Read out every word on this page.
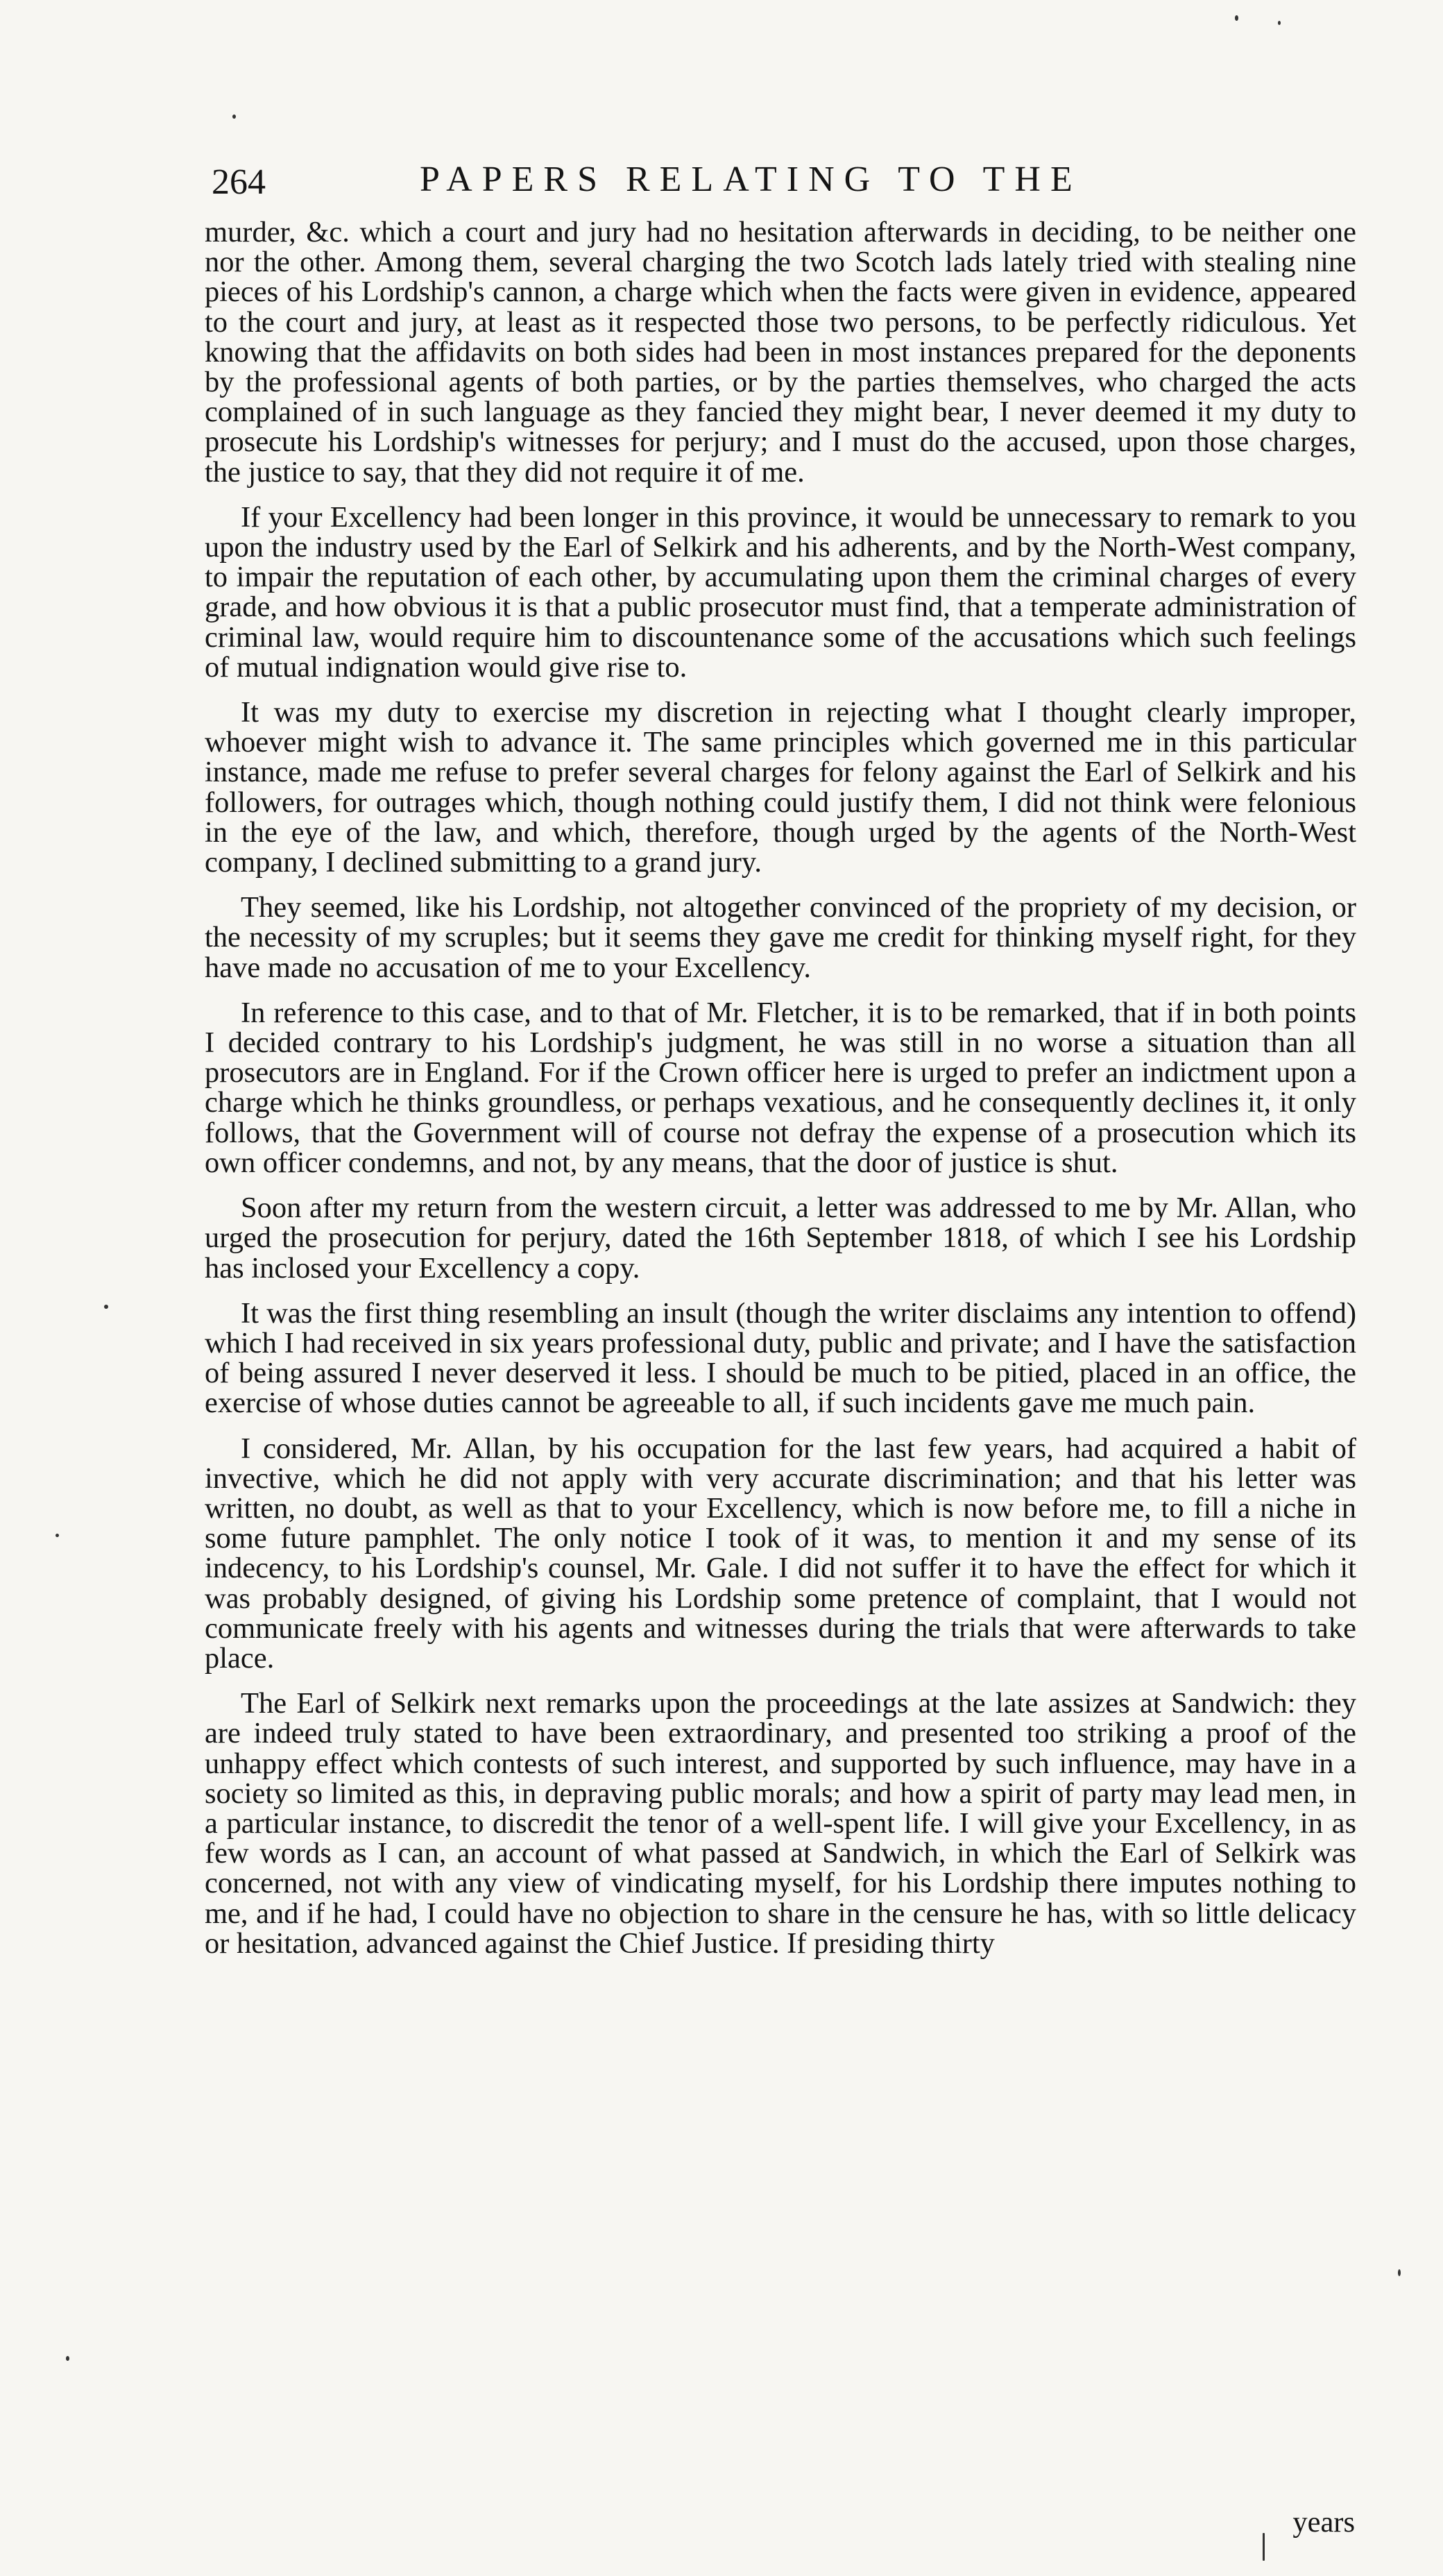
264	PAPERS RELATING TO THE

murder, &c. which a court and jury had no hesitation afterwards in deciding, to be neither one nor the other. Among them, several charging the two Scotch lads lately tried with stealing nine pieces of his Lordship's cannon, a charge which when the facts were given in evidence, appeared to the court and jury, at least as it respected those two persons, to be perfectly ridiculous. Yet knowing that the affidavits on both sides had been in most instances prepared for the deponents by the professional agents of both parties, or by the parties themselves, who charged the acts complained of in such language as they fancied they might bear, I never deemed it my duty to prosecute his Lordship's witnesses for perjury; and I must do the accused, upon those charges, the justice to say, that they did not require it of me.

If your Excellency had been longer in this province, it would be unnecessary to remark to you upon the industry used by the Earl of Selkirk and his adherents, and by the North-West company, to impair the reputation of each other, by accumulating upon them the criminal charges of every grade, and how obvious it is that a public prosecutor must find, that a temperate administration of criminal law, would require him to discountenance some of the accusations which such feelings of mutual indignation would give rise to.

It was my duty to exercise my discretion in rejecting what I thought clearly improper, whoever might wish to advance it. The same principles which governed me in this particular instance, made me refuse to prefer several charges for felony against the Earl of Selkirk and his followers, for outrages which, though nothing could justify them, I did not think were felonious in the eye of the law, and which, therefore, though urged by the agents of the North-West company, I declined submitting to a grand jury.

They seemed, like his Lordship, not altogether convinced of the propriety of my decision, or the necessity of my scruples; but it seems they gave me credit for thinking myself right, for they have made no accusation of me to your Excellency.

In reference to this case, and to that of Mr. Fletcher, it is to be remarked, that if in both points I decided contrary to his Lordship's judgment, he was still in no worse a situation than all prosecutors are in England. For if the Crown officer here is urged to prefer an indictment upon a charge which he thinks groundless, or perhaps vexatious, and he consequently declines it, it only follows, that the Government will of course not defray the expense of a prosecution which its own officer condemns, and not, by any means, that the door of justice is shut.

Soon after my return from the western circuit, a letter was addressed to me by Mr. Allan, who urged the prosecution for perjury, dated the 16th September 1818, of which I see his Lordship has inclosed your Excellency a copy.

It was the first thing resembling an insult (though the writer disclaims any intention to offend) which I had received in six years professional duty, public and private; and I have the satisfaction of being assured I never deserved it less. I should be much to be pitied, placed in an office, the exercise of whose duties cannot be agreeable to all, if such incidents gave me much pain.

I considered, Mr. Allan, by his occupation for the last few years, had acquired a habit of invective, which he did not apply with very accurate discrimination; and that his letter was written, no doubt, as well as that to your Excellency, which is now before me, to fill a niche in some future pamphlet. The only notice I took of it was, to mention it and my sense of its indecency, to his Lordship's counsel, Mr. Gale. I did not suffer it to have the effect for which it was probably designed, of giving his Lordship some pretence of complaint, that I would not communicate freely with his agents and witnesses during the trials that were afterwards to take place.

The Earl of Selkirk next remarks upon the proceedings at the late assizes at Sandwich: they are indeed truly stated to have been extraordinary, and presented too striking a proof of the unhappy effect which contests of such interest, and supported by such influence, may have in a society so limited as this, in depraving public morals; and how a spirit of party may lead men, in a particular instance, to discredit the tenor of a well-spent life. I will give your Excellency, in as few words as I can, an account of what passed at Sandwich, in which the Earl of Selkirk was concerned, not with any view of vindicating myself, for his Lordship there imputes nothing to me, and if he had, I could have no objection to share in the censure he has, with so little delicacy or hesitation, advanced against the Chief Justice. If presiding thirty

years
